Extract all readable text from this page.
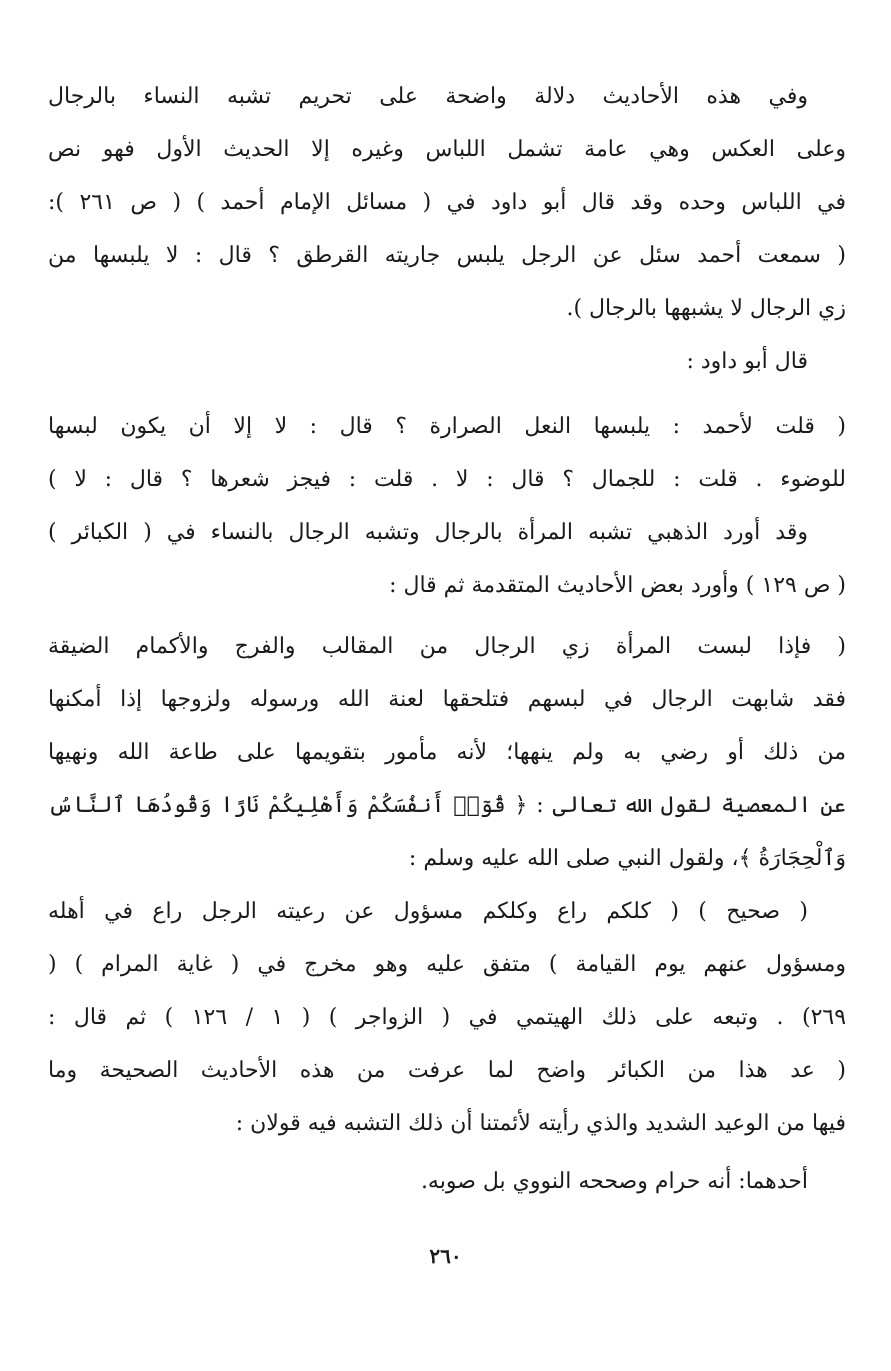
وفي هذه الأحاديث دلالة واضحة على تحريم تشبه النساء بالرجال
وعلى العكس وهي عامة تشمل اللباس وغيره إلا الحديث الأول فهو نص
في اللباس وحده وقد قال أبو داود في ( مسائل الإمام أحمد ) ( ص ٢٦١ ):
( سمعت أحمد سئل عن الرجل يلبس جاريته القرطق ؟ قال : لا يلبسها من
زي الرجال لا يشبهها بالرجال ).
قال أبو داود :
( قلت لأحمد : يلبسها النعل الصرارة ؟ قال : لا إلا أن يكون لبسها
للوضوء . قلت : للجمال ؟ قال : لا . قلت : فيجز شعرها ؟ قال : لا )
وقد أورد الذهبي تشبه المرأة بالرجال وتشبه الرجال بالنساء في ( الكبائر )
( ص ١٢٩ ) وأورد بعض الأحاديث المتقدمة ثم قال :
( فإذا لبست المرأة زي الرجال من المقالب والفرج والأكمام الضيقة
فقد شابهت الرجال في لبسهم فتلحقها لعنة الله ورسوله ولزوجها إذا أمكنها
من ذلك أو رضي به ولم ينهها؛ لأنه مأمور بتقويمها على طاعة الله ونهيها
عن المعصية لقول الله تعالى : ﴿ قُوٓا۟ أَنفُسَكُمْ وَأَهْلِيكُمْ نَارًا وَقُودُهَا ٱلنَّاسُ
وَٱلْحِجَارَةُ ﴾، ولقول النبي صلى الله عليه وسلم :
( صحيح ) ( كلكم راع وكلكم مسؤول عن رعيته الرجل راع في أهله
ومسؤول عنهم يوم القيامة ) متفق عليه وهو مخرج في ( غاية المرام ) (
٢٦٩) . وتبعه على ذلك الهيتمي في ( الزواجر ) ( ١ / ١٢٦ ) ثم قال :
( عد هذا من الكبائر واضح لما عرفت من هذه الأحاديث الصحيحة وما
فيها من الوعيد الشديد والذي رأيته لأئمتنا أن ذلك التشبه فيه قولان :
أحدهما: أنه حرام وصححه النووي بل صوبه.
٢٦٠
